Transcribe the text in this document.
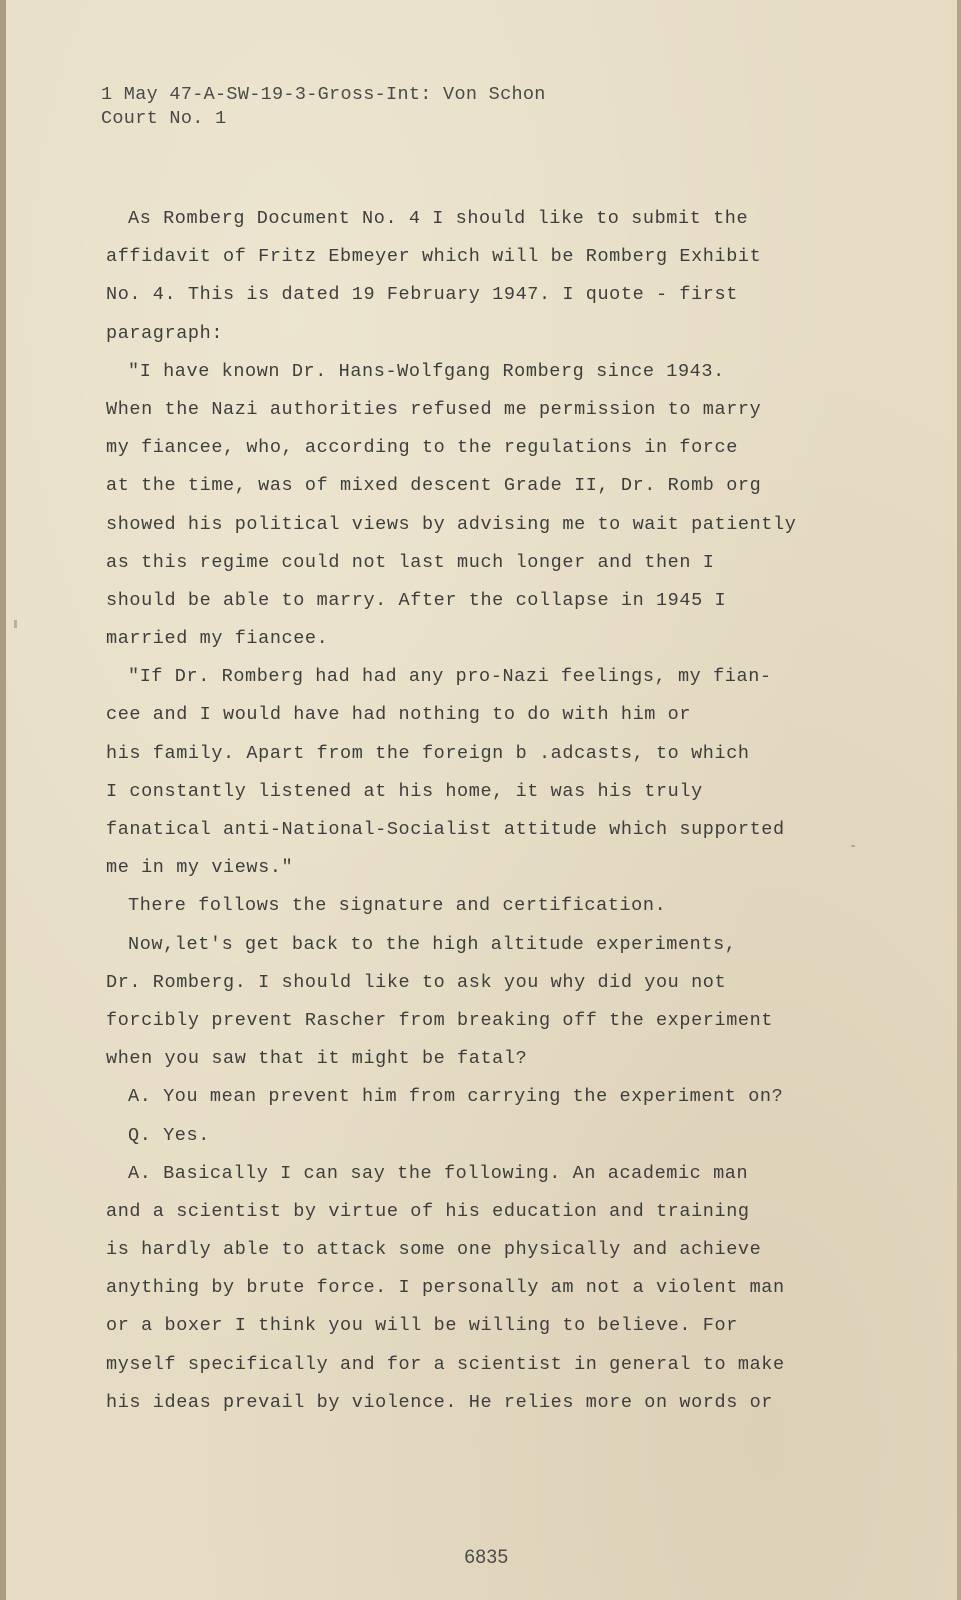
1 May 47-A-SW-19-3-Gross-Int: Von Schon
Court No. 1
As Romberg Document No. 4 I should like to submit the
affidavit of Fritz Ebmeyer which will be Romberg Exhibit
No. 4. This is dated 19 February 1947. I quote - first
paragraph:
"I have known Dr. Hans-Wolfgang Romberg since 1943.
When the Nazi authorities refused me permission to marry
my fiancee, who, according to the regulations in force
at the time, was of mixed descent Grade II, Dr. Romb org
showed his political views by advising me to wait patiently
as this regime could not last much longer and then I
should be able to marry. After the collapse in 1945 I
married my fiancee.
"If Dr. Romberg had had any pro-Nazi feelings, my fian-
cee and I would have had nothing to do with him or
his family. Apart from the foreign b .adcasts, to which
I constantly listened at his home, it was his truly
fanatical anti-National-Socialist attitude which supported
me in my views."
There follows the signature and certification.
Now,let's get back to the high altitude experiments,
Dr. Romberg. I should like to ask you why did you not
forcibly prevent Rascher from breaking off the experiment
when you saw that it might be fatal?
A. You mean prevent him from carrying the experiment on?
Q. Yes.
A. Basically I can say the following. An academic man
and a scientist by virtue of his education and training
is hardly able to attack some one physically and achieve
anything by brute force. I personally am not a violent man
or a boxer I think you will be willing to believe. For
myself specifically and for a scientist in general to make
his ideas prevail by violence. He relies more on words or
6835
